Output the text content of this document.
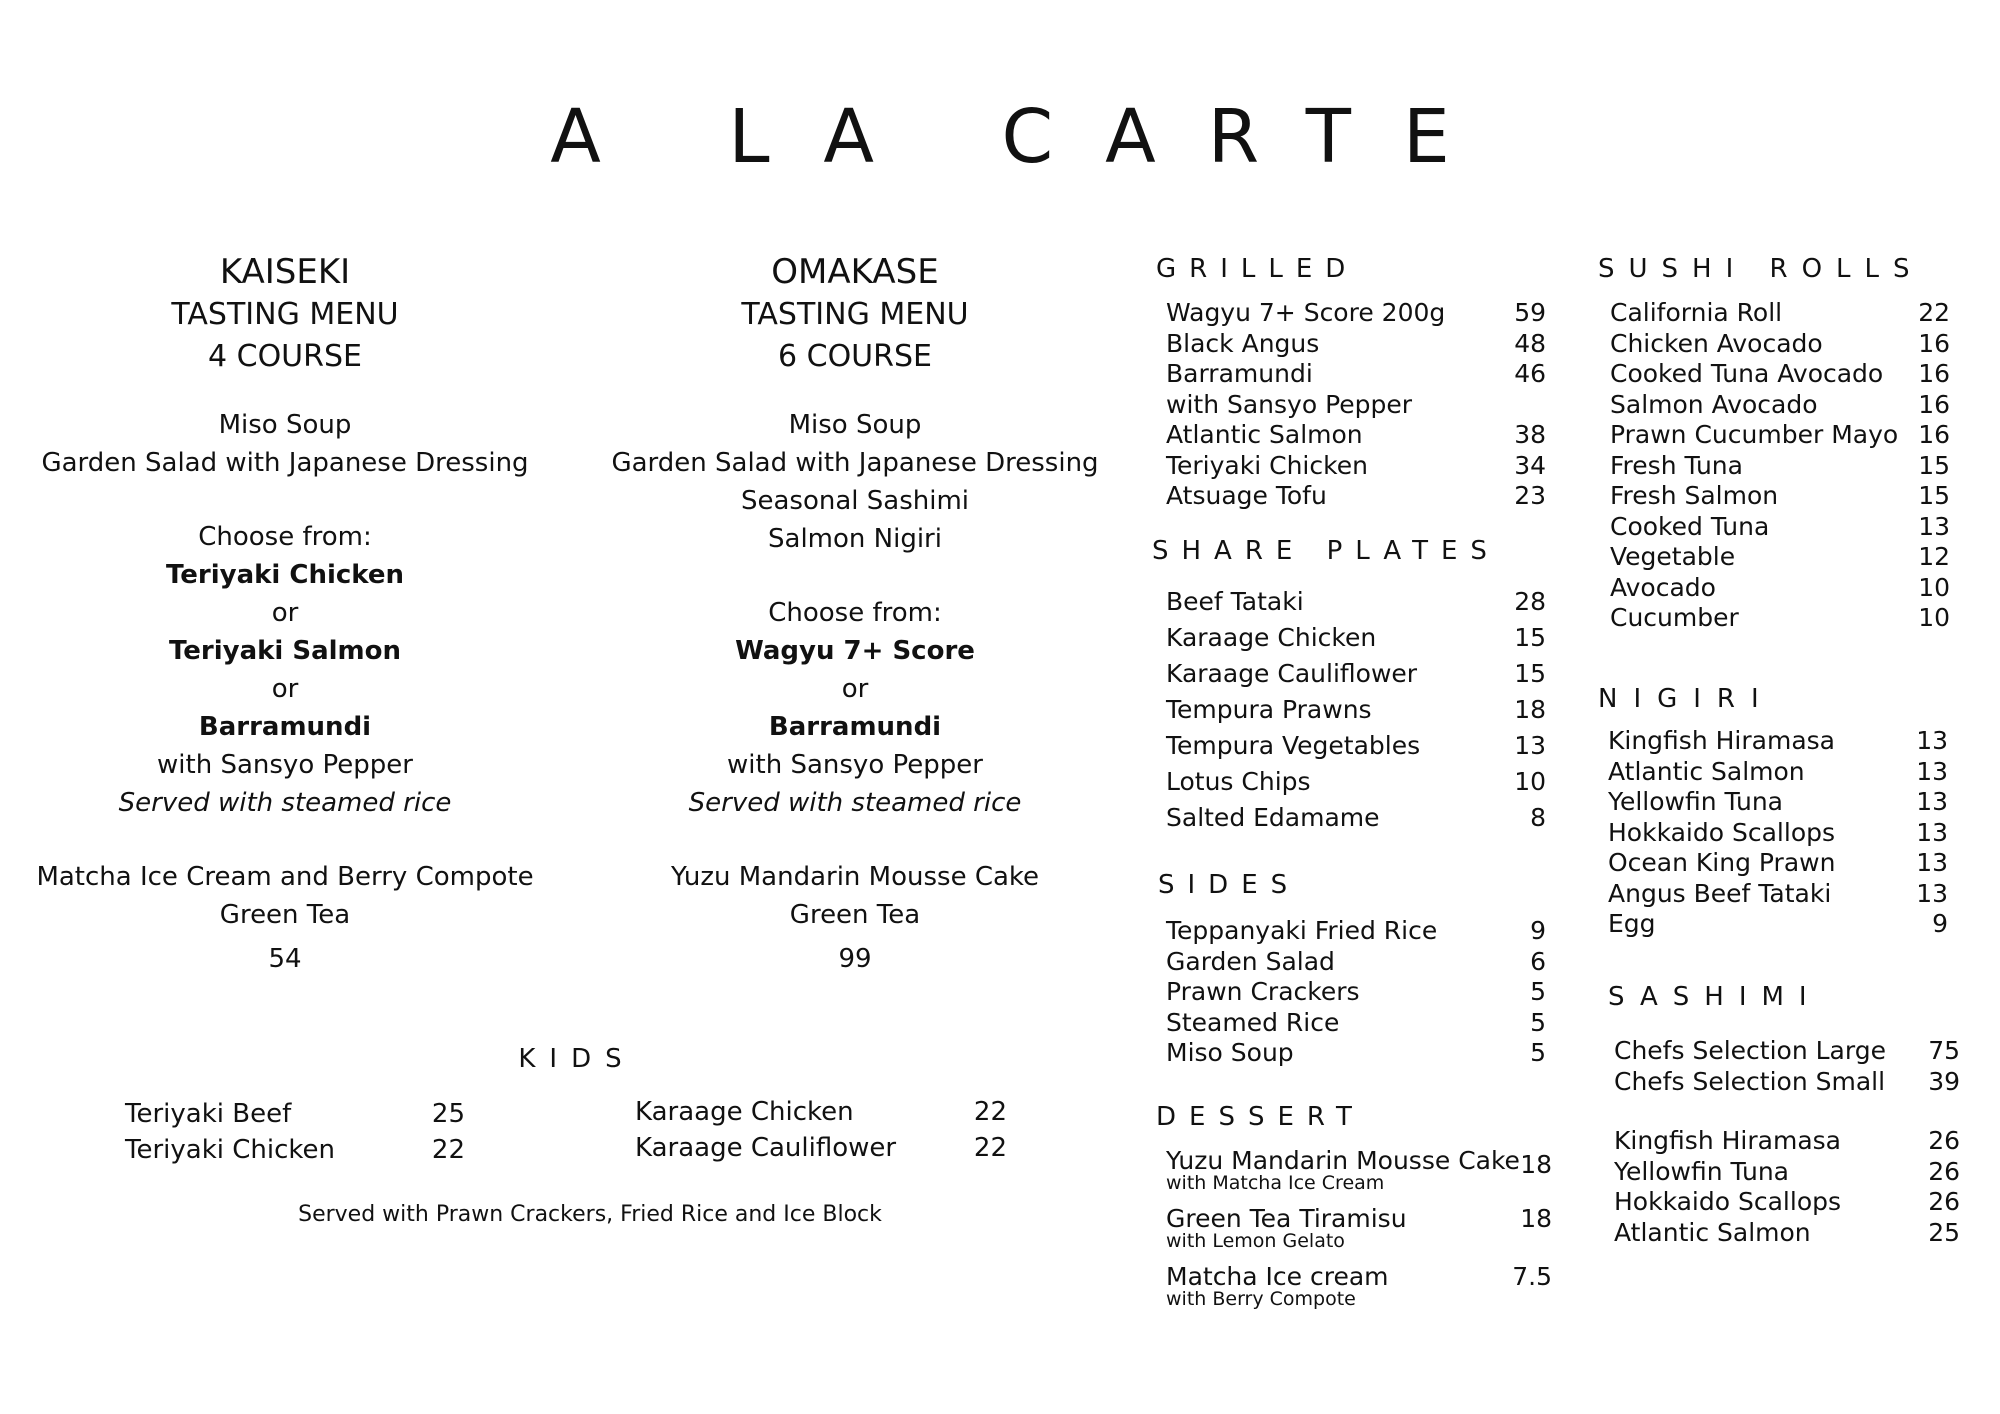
A LA CARTE
KAISEKI
TASTING MENU
4 COURSE
Miso Soup
Garden Salad with Japanese Dressing
Choose from:
Teriyaki Chicken
or
Teriyaki Salmon
or
Barramundi
with Sansyo Pepper
Served with steamed rice
Matcha Ice Cream and Berry Compote
Green Tea
54
OMAKASE
TASTING MENU
6 COURSE
Miso Soup
Garden Salad with Japanese Dressing
Seasonal Sashimi
Salmon Nigiri
Choose from:
Wagyu 7+ Score
or
Barramundi
with Sansyo Pepper
Served with steamed rice
Yuzu Mandarin Mousse Cake
Green Tea
99
KIDS
Teriyaki Beef	25
Teriyaki Chicken	22
Karaage Chicken	22
Karaage Cauliflower	22
Served with Prawn Crackers, Fried Rice and Ice Block
GRILLED
Wagyu 7+ Score 200g	59
Black Angus	48
Barramundi	46
with Sansyo Pepper
Atlantic Salmon	38
Teriyaki Chicken	34
Atsuage Tofu	23
SHARE PLATES
Beef Tataki	28
Karaage Chicken	15
Karaage Cauliflower	15
Tempura Prawns	18
Tempura Vegetables	13
Lotus Chips	10
Salted Edamame	8
SIDES
Teppanyaki Fried Rice	9
Garden Salad	6
Prawn Crackers	5
Steamed Rice	5
Miso Soup	5
DESSERT
Yuzu Mandarin Mousse Cake
with Matcha Ice Cream
18
Green Tea Tiramisu
with Lemon Gelato
18
Matcha Ice cream
with Berry Compote
7.5
SUSHI ROLLS
California Roll	22
Chicken Avocado	16
Cooked Tuna Avocado	16
Salmon Avocado	16
Prawn Cucumber Mayo 16
Fresh Tuna	15
Fresh Salmon	15
Cooked Tuna	13
Vegetable	12
Avocado	10
Cucumber	10
NIGIRI
Kingfish Hiramasa	13
Atlantic Salmon	13
Yellowfin Tuna	13
Hokkaido Scallops	13
Ocean King Prawn	13
Angus Beef Tataki	13
Egg	9
SASHIMI
Chefs Selection Large	75
Chefs Selection Small	39
Kingfish Hiramasa	26
Yellowfin Tuna	26
Hokkaido Scallops	26
Atlantic Salmon	25
